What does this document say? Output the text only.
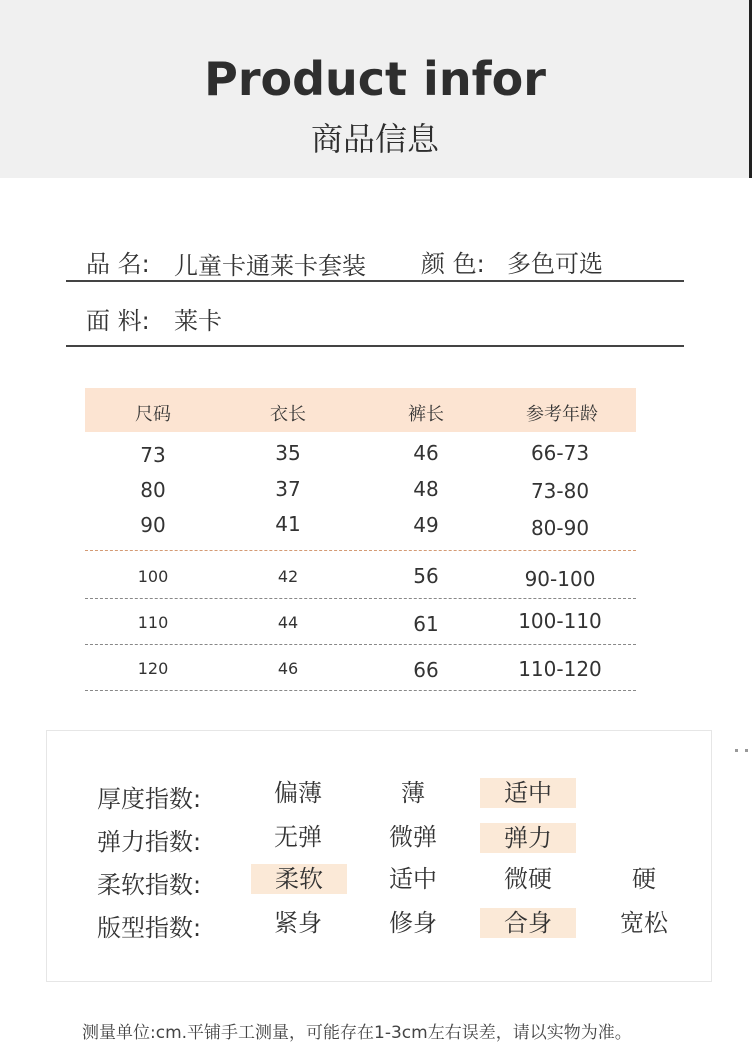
Product infor
商品信息
品 名: 儿童卡通莱卡套装 颜 色: 多色可选
面 料: 莱卡
尺码	衣长	裤长	参考年龄
73	35	46	66-73
80	37	48	73-80
90	41	49	80-90
100	42	56	90-100
110	44	61	100-110
120	46	66	110-120
厚度指数:	偏薄	薄	适中
弹力指数:	无弹	微弹	弹力
柔软指数:	柔软	适中	微硬	硬
版型指数:	紧身	修身	合身	宽松
测量单位:cm.平铺手工测量，可能存在1-3cm左右误差，请以实物为准。
